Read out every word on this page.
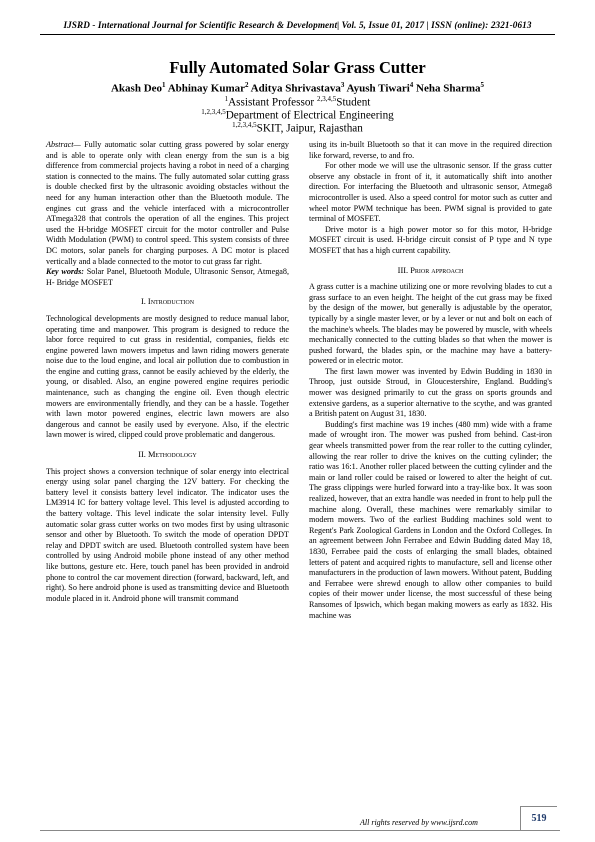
IJSRD - International Journal for Scientific Research & Development| Vol. 5, Issue 01, 2017 | ISSN (online): 2321-0613
Fully Automated Solar Grass Cutter
Akash Deo$^1$ Abhinay Kumar$^2$ Aditya Shrivastava$^3$ Ayush Tiwari$^4$ Neha Sharma$^5$
$^1$Assistant Professor $^{2,3,4,5}$Student
$^{1,2,3,4,5}$Department of Electrical Engineering
$^{1,2,3,4,5}$SKIT, Jaipur, Rajasthan

Abstract— Fully automatic solar cutting grass powered by solar energy and is able to operate only with clean energy from the sun is a big difference from commercial projects having a robot in need of a charging station is connected to the mains. The fully automated solar cutting grass is double checked first by the ultrasonic avoiding obstacles without the need for any human interaction other than the Bluetooth module. The engines cut grass and the vehicle interfaced with a microcontroller ATmega328 that controls the operation of all the engines. This project used the H-bridge MOSFET circuit for the motor controller and Pulse Width Modulation (PWM) to control speed. This system consists of three DC motors, solar panels for charging purposes. A DC motor is placed vertically and a blade connected to the motor to cut grass far right.

Key words: Solar Panel, Bluetooth Module, Ultrasonic Sensor, Atmega8, H- Bridge MOSFET

I. Introduction

Technological developments are mostly designed to reduce manual labor, operating time and manpower. This program is designed to reduce the labor force required to cut grass in residential, companies, fields etc engine powered lawn mowers impetus and lawn riding mowers generate noise due to the loud engine, and local air pollution due to combustion in the engine and cutting grass, cannot be easily achieved by the elderly, the young, or disabled. Also, an engine powered engine requires periodic maintenance, such as changing the engine oil. Even though electric mowers are environmentally friendly, and they can be a hassle. Together with lawn motor powered engines, electric lawn mowers are also dangerous and cannot be easily used by everyone. Also, if the electric lawn mower is wired, clipped could prove problematic and dangerous.

II. Methodology

This project shows a conversion technique of solar energy into electrical energy using solar panel charging the 12V battery. For checking the battery level it consists battery level indicator. The indicator uses the LM3914 IC for battery voltage level. This level is adjusted according to the battery voltage. This level indicate the solar intensity level. Fully automatic solar grass cutter works on two modes first by using ultrasonic sensor and other by Bluetooth. To switch the mode of operation DPDT relay and DPDT switch are used. Bluetooth controlled system have been controlled by using Android mobile phone instead of any other method like buttons, gesture etc. Here, touch panel has been provided in android phone to control the car movement direction (forward, backward, left, and right). So here android phone is used as transmitting device and Bluetooth module placed in it. Android phone will transmit command

using its in-built Bluetooth so that it can move in the required direction like forward, reverse, to and fro.

For other mode we will use the ultrasonic sensor. If the grass cutter observe any obstacle in front of it, it automatically shift into another direction. For interfacing the Bluetooth and ultrasonic sensor, Atmega8 microcontroller is used. Also a speed control for motor such as cutter and wheel motor PWM technique has been. PWM signal is provided to gate terminal of MOSFET.

Drive motor is a high power motor so for this motor, H-bridge MOSFET circuit is used. H-bridge circuit consist of P type and N type MOSFET that has a high current capability.

III. Prior approach

A grass cutter is a machine utilizing one or more revolving blades to cut a grass surface to an even height. The height of the cut grass may be fixed by the design of the mower, but generally is adjustable by the operator, typically by a single master lever, or by a lever or nut and bolt on each of the machine's wheels. The blades may be powered by muscle, with wheels mechanically connected to the cutting blades so that when the mower is pushed forward, the blades spin, or the machine may have a battery-powered or in electric motor.

The first lawn mower was invented by Edwin Budding in 1830 in Throop, just outside Stroud, in Gloucestershire, England. Budding's mower was designed primarily to cut the grass on sports grounds and extensive gardens, as a superior alternative to the scythe, and was granted a British patent on August 31, 1830.

Budding's first machine was 19 inches (480 mm) wide with a frame made of wrought iron. The mower was pushed from behind. Cast-iron gear wheels transmitted power from the rear roller to the cutting cylinder, allowing the rear roller to drive the knives on the cutting cylinder; the ratio was 16:1. Another roller placed between the cutting cylinder and the main or land roller could be raised or lowered to alter the height of cut. The grass clippings were hurled forward into a tray-like box. It was soon realized, however, that an extra handle was needed in front to help pull the machine along. Overall, these machines were remarkably similar to modern mowers. Two of the earliest Budding machines sold went to Regent's Park Zoological Gardens in London and the Oxford Colleges. In an agreement between John Ferrabee and Edwin Budding dated May 18, 1830, Ferrabee paid the costs of enlarging the small blades, obtained letters of patent and acquired rights to manufacture, sell and license other manufacturers in the production of lawn mowers. Without patent, Budding and Ferrabee were shrewd enough to allow other companies to build copies of their mower under license, the most successful of these being Ransomes of Ipswich, which began making mowers as early as 1832. His machine was

All rights reserved by www.ijsrd.com	519
